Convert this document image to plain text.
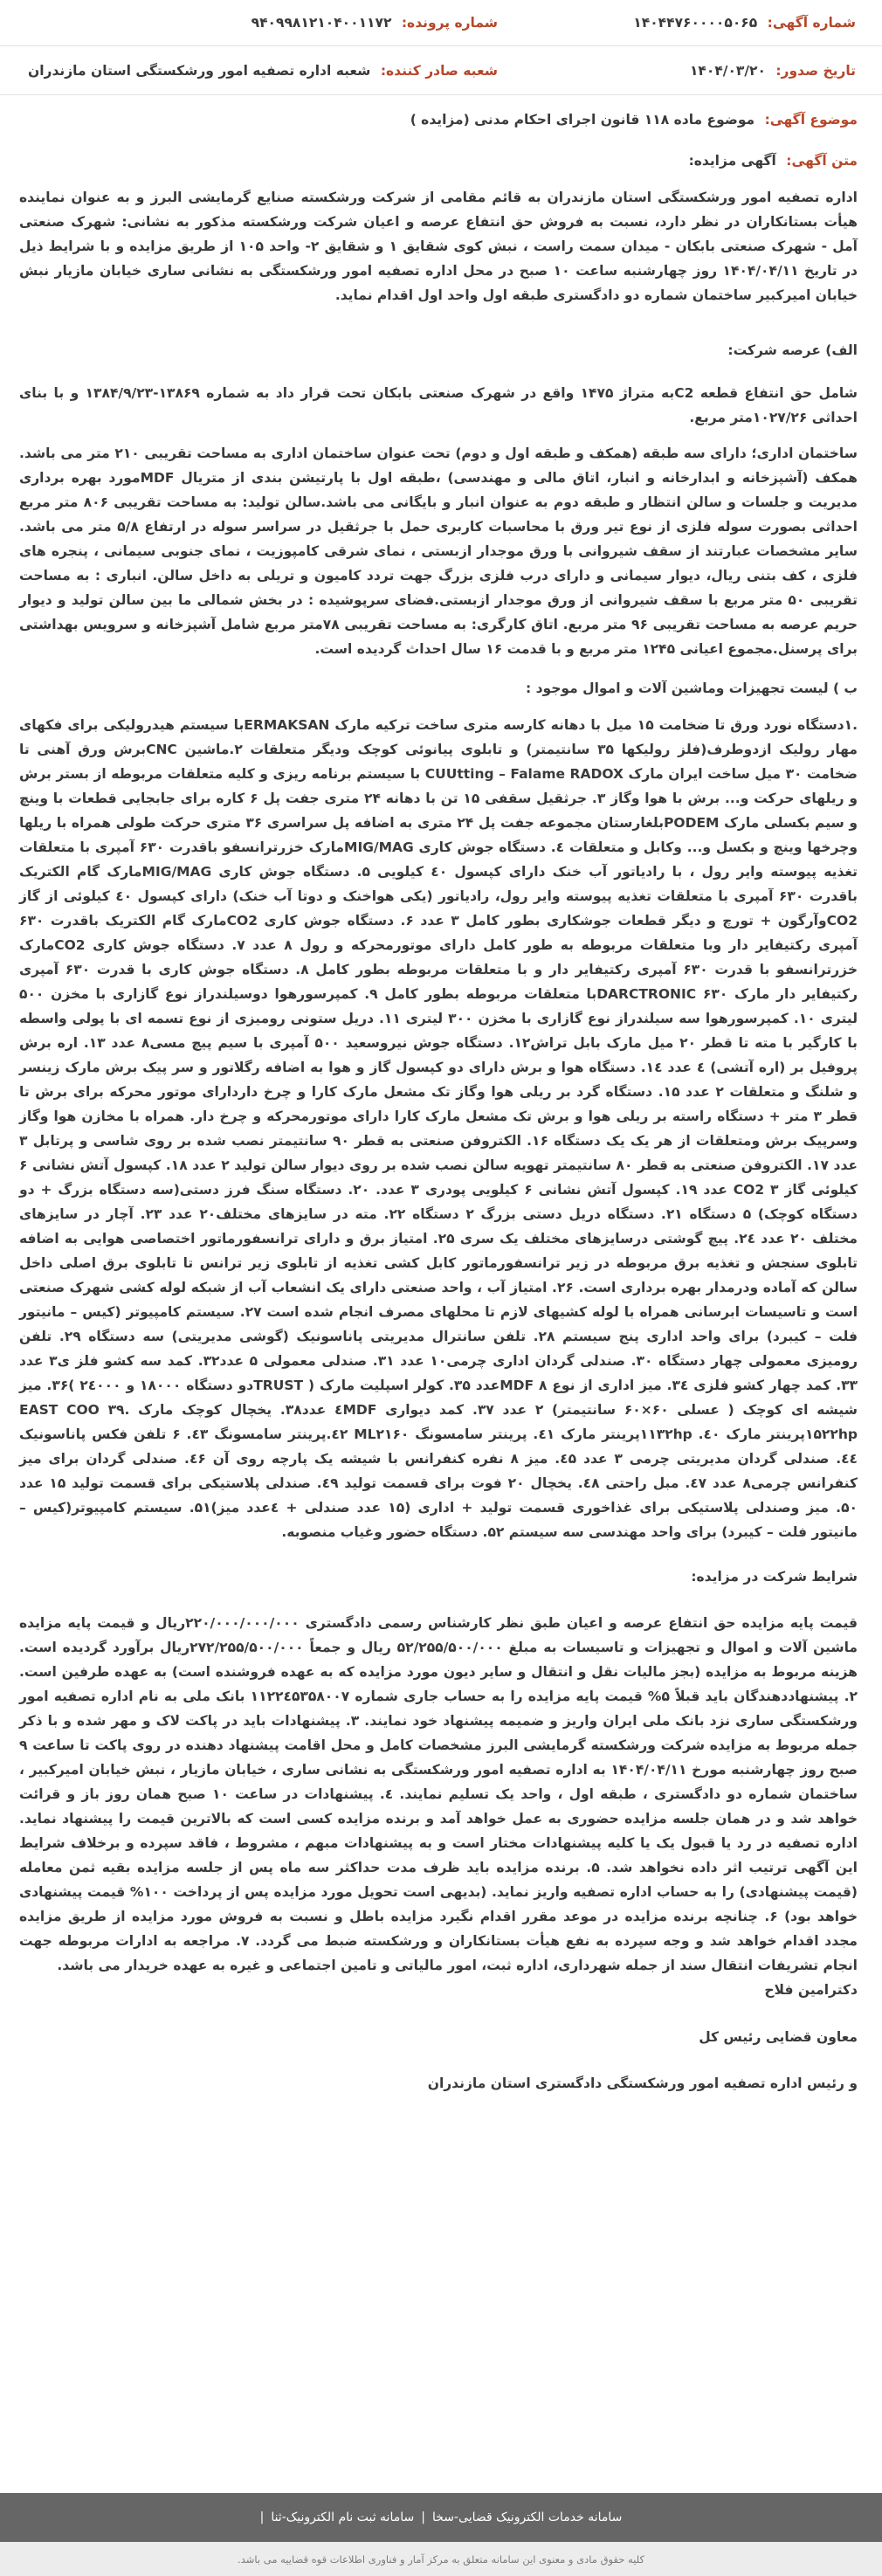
شماره آگهی: ۱۴۰۴۴۷۶۰۰۰۰۵۰۶۵
شماره پرونده: ۹۴۰۹۹۸۱۲۱۰۴۰۰۱۱۷۲
تاریخ صدور: ۱۴۰۴/۰۳/۲۰
شعبه صادر کننده: شعبه اداره تصفیه امور ورشکستگی استان مازندران
موضوع آگهی: موضوع ماده ۱۱۸ قانون اجرای احکام مدنی (مزایده )
متن آگهی: آگهی مزایده:

اداره تصفیه امور ورشکستگی استان مازندران به قائم مقامی از شرکت ورشکسته صنایع گرمایشی البرز و به عنوان نماینده هیأت بستانکاران در نظر دارد، نسبت به فروش حق انتفاع عرصه و اعیان شرکت ورشکسته مذکور به نشانی: شهرک صنعتی آمل - شهرک صنعتی بابکان - میدان سمت راست ، نبش کوی شقایق ۱ و شقایق ۲- واحد ۱۰۵ از طریق مزایده و با شرایط ذیل در تاریخ ۱۴۰۴/۰۴/۱۱ روز چهارشنبه ساعت ۱۰ صبح در محل اداره تصفیه امور ورشکستگی به نشانی ساری خیابان مازیار نبش خیابان امیرکبیر ساختمان شماره دو دادگستری طبقه اول واحد اول اقدام نماید.

الف) عرصه شرکت:

شامل حق انتفاع قطعه C2به متراژ ۱۴۷۵ واقع در شهرک صنعتی بابکان تحت قرار داد به شماره ۱۳۸۶۹-۱۳۸۴/۹/۲۳ و با بنای احداثی ۱۰۲۷/۲۶متر مربع.

ساختمان اداری؛ دارای سه طبقه (همکف و طبقه اول و دوم) تحت عنوان ساختمان اداری به مساحت تقریبی ۲۱۰ متر می باشد. همکف (آشپزخانه و ابدارخانه و انبار، اتاق مالی و مهندسی) ،طبقه اول با پارتیشن بندی از متریال MDFمورد بهره برداری مدیریت و جلسات و سالن انتظار و طبقه دوم به عنوان انبار و بایگانی می باشد.سالن تولید: به مساحت تقریبی ۸۰۶ متر مربع احداثی بصورت سوله فلزی از نوع تیر ورق با محاسبات کاربری حمل با جرثقیل در سراسر سوله در ارتفاع ۵/۸ متر می باشد. سایر مشخصات عبارتند از سقف شیروانی با ورق موجدار ازبستی ، نمای شرقی کامپوزیت ، نمای جنوبی سیمانی ، پنجره های فلزی ، کف بتنی ریال، دیوار سیمانی و دارای درب فلزی بزرگ جهت تردد کامیون و تریلی به داخل سالن. انباری : به مساحت تقریبی ۵۰ متر مربع با سقف شیروانی از ورق موجدار ازبستی.فضای سرپوشیده : در بخش شمالی ما بین سالن تولید و دیوار حریم عرصه به مساحت تقریبی ۹۶ متر مربع. اتاق کارگری: به مساحت تقریبی ۷۸متر مربع شامل آشپزخانه و سرویس بهداشتی برای پرسنل.مجموع اعیانی ۱۲۴۵ متر مربع و با قدمت ۱۶ سال احداث گردیده است.

ب ) لیست تجهیزات وماشین آلات و اموال موجود :

.۱دستگاه نورد ورق تا ضخامت ۱۵ میل با دهانه کارسه متری ساخت ترکیه مارک ERMAKSANبا سیستم هیدرولیکی برای فکهای مهار رولیک ازدوطرف(فلز رولیکها ۳۵ سانتیمتر) و تابلوی پیانوئی کوچک ودیگر متعلقات ۲.ماشین CNCبرش ورق آهنی تا ضخامت ۳۰ میل ساخت ایران مارک CUUtting – Falame RADOX با سیستم برنامه ریزی و کلیه متعلقات مربوطه از بستر برش و ریلهای حرکت و... برش با هوا وگاز ۳. جرثقیل سقفی ۱۵ تن با دهانه ۲۴ متری جفت پل ۶ کاره برای جابجایی قطعات با وینچ و سیم بکسلی مارک PODEMبلغارستان مجموعه جفت پل ۲۴ متری به اضافه پل سراسری ۳۶ متری حرکت طولی همراه با ریلها وچرخها وینچ و بکسل و... وکابل و متعلقات ٤. دستگاه جوش کاری MIG/MAGمارک خزرترانسفو باقدرت ۶۳۰ آمپری با متعلقات تغذیه پیوسته وایر رول ، با رادیاتور آب خنک دارای کپسول ٤۰ کیلویی ۵. دستگاه جوش کاری MIG/MAGمارک گام الکتریک باقدرت ۶۳۰ آمپری با متعلقات تغذیه پیوسته وایر رول، رادیاتور (یکی هواخنک و دوتا آب خنک) دارای کپسول ٤۰ کیلوئی از گاز CO2وآرگون + تورچ و دیگر قطعات جوشکاری بطور کامل ۳ عدد ۶. دستگاه جوش کاری CO2مارک گام الکتریک باقدرت ۶۳۰ آمپری رکتیفایر دار وبا متعلقات مربوطه به طور کامل دارای موتورمحرکه و رول ۸ عدد ۷. دستگاه جوش کاری CO2مارک خزرترانسفو با قدرت ۶۳۰ آمپری رکتیفایر دار و با متعلقات مربوطه بطور کامل ۸. دستگاه جوش کاری با قدرت ۶۳۰ آمپری رکتیفایر دار مارک DARCTRONIC ۶۳۰با متعلقات مربوطه بطور کامل ۹. کمپرسورهوا دوسیلندراز نوع گازاری با مخزن ۵۰۰ لیتری ۱۰. کمپرسورهوا سه سیلندراز نوع گازاری با مخزن ۳۰۰ لیتری ۱۱. دریل ستونی رومیزی از نوع تسمه ای با پولی واسطه با کارگیر با مته تا قطر ۲۰ میل مارک بابل تراش۱۲. دستگاه جوش نیروسعید ۵۰۰ آمپری با سیم پیچ مسی۸ عدد ۱۳. اره برش پروفیل بر (اره آتشی) ٤ عدد ۱٤. دستگاه هوا و برش دارای دو کپسول گاز و هوا به اضافه رگلاتور و سر پیک برش مارک زینسر و شلنگ و متعلقات ۲ عدد ۱۵. دستگاه گرد بر ریلی هوا وگاز تک مشعل مارک کارا و چرخ داردارای موتور محرکه برای برش تا قطر ۳ متر + دستگاه راسته بر ریلی هوا و برش تک مشعل مارک کارا دارای موتورمحرکه و چرخ دار. همراه با مخازن هوا وگاز وسرپیک برش ومتعلقات از هر یک یک دستگاه ۱۶. الکتروفن صنعتی به قطر ۹۰ سانتیمتر نصب شده بر روی شاسی و پرتابل ۳ عدد ۱۷. الکتروفن صنعتی به قطر ۸۰ سانتیمتر تهویه سالن نصب شده بر روی دیوار سالن تولید ۲ عدد ۱۸. کپسول آتش نشانی ۶ کیلوئی گاز CO2 ۳ عدد ۱۹. کپسول آتش نشانی ۶ کیلویی پودری ۳ عدد. ۲۰. دستگاه سنگ فرز دستی(سه دستگاه بزرگ + دو دستگاه کوچک) ۵ دستگاه ۲۱. دستگاه دریل دستی بزرگ ۲ دستگاه ۲۲. مته در سایزهای مختلف۲۰ عدد ۲۳. آچار در سایزهای مختلف ۲۰ عدد ۲٤. پیچ گوشتی درسایزهای مختلف یک سری ۲۵. امتیاز برق و دارای ترانسفورماتور اختصاصی هوایی به اضافه تابلوی سنجش و تغذیه برق مربوطه در زیر ترانسفورماتور کابل کشی تغذیه از تابلوی زیر ترانس تا تابلوی برق اصلی داخل سالن که آماده ودرمدار بهره برداری است. ۲۶. امتیاز آب ، واحد صنعتی دارای یک انشعاب آب از شبکه لوله کشی شهرک صنعتی است و تاسیسات ابرسانی همراه با لوله کشیهای لازم تا محلهای مصرف انجام شده است ۲۷. سیستم کامپیوتر (کیس – مانیتور فلت – کیبرد) برای واحد اداری پنج سیستم ۲۸. تلفن سانترال مدیریتی پاناسونیک (گوشی مدیریتی) سه دستگاه ۲۹. تلفن رومیزی معمولی چهار دستگاه ۳۰. صندلی گردان اداری چرمی۱۰ عدد ۳۱. صندلی معمولی ۵ عدد۳۲. کمد سه کشو فلز ی۳ عدد ۳۳. کمد چهار کشو فلزی ۳٤. میز اداری از نوع MDF ۸عدد ۳۵. کولر اسپلیت مارک ( TRUSTدو دستگاه ۱۸۰۰۰ و ۲٤۰۰۰ )۳۶. میز شیشه ای کوچک ( عسلی ۶۰×۶۰ سانتیمتر) ۲ عدد ۳۷. کمد دیواری ٤MDF عدد۳۸. یخچال کوچک مارک EAST COO ۳۹. ۱۵۲۲hpپرینتر مارک ٤۰. ۱۱۳۲hpپرینتر مارک ٤۱. پرینتر سامسونگ ML۲۱۶۰ ٤۲.پرینتر سامسونگ ٤۳. ۶ تلفن فکس پاناسونیک ٤٤. صندلی گردان مدیریتی چرمی ۳ عدد ٤۵. میز ۸ نفره کنفرانس با شیشه یک پارچه روی آن ٤۶. صندلی گردان برای میز کنفرانس چرمی۸ عدد ٤۷. مبل راحتی ٤۸. یخچال ۲۰ فوت برای قسمت تولید ٤۹. صندلی پلاستیکی برای قسمت تولید ۱۵ عدد ۵۰. میز وصندلی پلاستیکی برای غذاخوری قسمت تولید + اداری (۱۵ عدد صندلی + ٤عدد میز)۵۱. سیستم کامپیوتر(کیس – مانیتور فلت – کیبرد) برای واحد مهندسی سه سیستم ۵۲. دستگاه حضور وغیاب منصوبه.

شرایط شرکت در مزایده:

قیمت پایه مزایده حق انتفاع عرصه و اعیان طبق نظر کارشناس رسمی دادگستری ۲۲۰/۰۰۰/۰۰۰/۰۰۰ریال و قیمت پایه مزایده ماشین آلات و اموال و تجهیزات و تاسیسات به مبلغ ۵۲/۲۵۵/۵۰۰/۰۰۰ ریال و جمعاً ۲۷۲/۲۵۵/۵۰۰/۰۰۰ریال برآورد گردیده است. هزینه مربوط به مزایده (بجز مالیات نقل و انتقال و سایر دیون مورد مزایده که به عهده فروشنده است) به عهده طرفین است. ۲. پیشنهاددهندگان باید قبلاً ۵% قیمت پایه مزایده را به حساب جاری شماره ۱۱۲۲٤۵۳۵۸۰۰۷ بانک ملی به نام اداره تصفیه امور ورشکستگی ساری نزد بانک ملی ایران واریز و ضمیمه پیشنهاد خود نمایند. ۳. پیشنهادات باید در پاکت لاک و مهر شده و با ذکر جمله مربوط به مزایده شرکت ورشکسته گرمایشی البرز مشخصات کامل و محل اقامت پیشنهاد دهنده در روی پاکت تا ساعت ۹ صبح روز چهارشنبه مورخ ۱۴۰۴/۰۴/۱۱ به اداره تصفیه امور ورشکستگی به نشانی ساری ، خیابان مازیار ، نبش خیابان امیرکبیر ، ساختمان شماره دو دادگستری ، طبقه اول ، واحد یک تسلیم نمایند. ٤. پیشنهادات در ساعت ۱۰ صبح همان روز باز و قرائت خواهد شد و در همان جلسه مزایده حضوری به عمل خواهد آمد و برنده مزایده کسی است که بالاترین قیمت را پیشنهاد نماید. اداره تصفیه در رد یا قبول یک یا کلیه پیشنهادات مختار است و به پیشنهادات مبهم ، مشروط ، فاقد سپرده و برخلاف شرایط این آگهی ترتیب اثر داده نخواهد شد. ۵. برنده مزایده باید ظرف مدت حداکثر سه ماه پس از جلسه مزایده بقیه ثمن معامله (قیمت پیشنهادی) را به حساب اداره تصفیه واریز نماید. (بدیهی است تحویل مورد مزایده پس از پرداخت ۱۰۰% قیمت پیشنهادی خواهد بود) ۶. چنانچه برنده مزایده در موعد مقرر اقدام نگیرد مزایده باطل و نسبت به فروش مورد مزایده از طریق مزایده مجدد اقدام خواهد شد و وجه سپرده به نفع هیأت بستانکاران و ورشکسته ضبط می گردد. ۷. مراجعه به ادارات مربوطه جهت انجام تشریفات انتقال سند از جمله شهرداری، اداره ثبت، امور مالیاتی و تامین اجتماعی و غیره به عهده خریدار می باشد.

دکترامین فلاح

معاون قضایی رئیس کل

و رئیس اداره تصفیه امور ورشکستگی دادگستری استان مازندران

سامانه خدمات الکترونیک قضایی-سخا
|
سامانه ثبت نام الکترونیک-ثنا
|
کلیه حقوق مادی و معنوی این سامانه متعلق به مرکز آمار و فناوری اطلاعات قوه قضاییه می باشد.
